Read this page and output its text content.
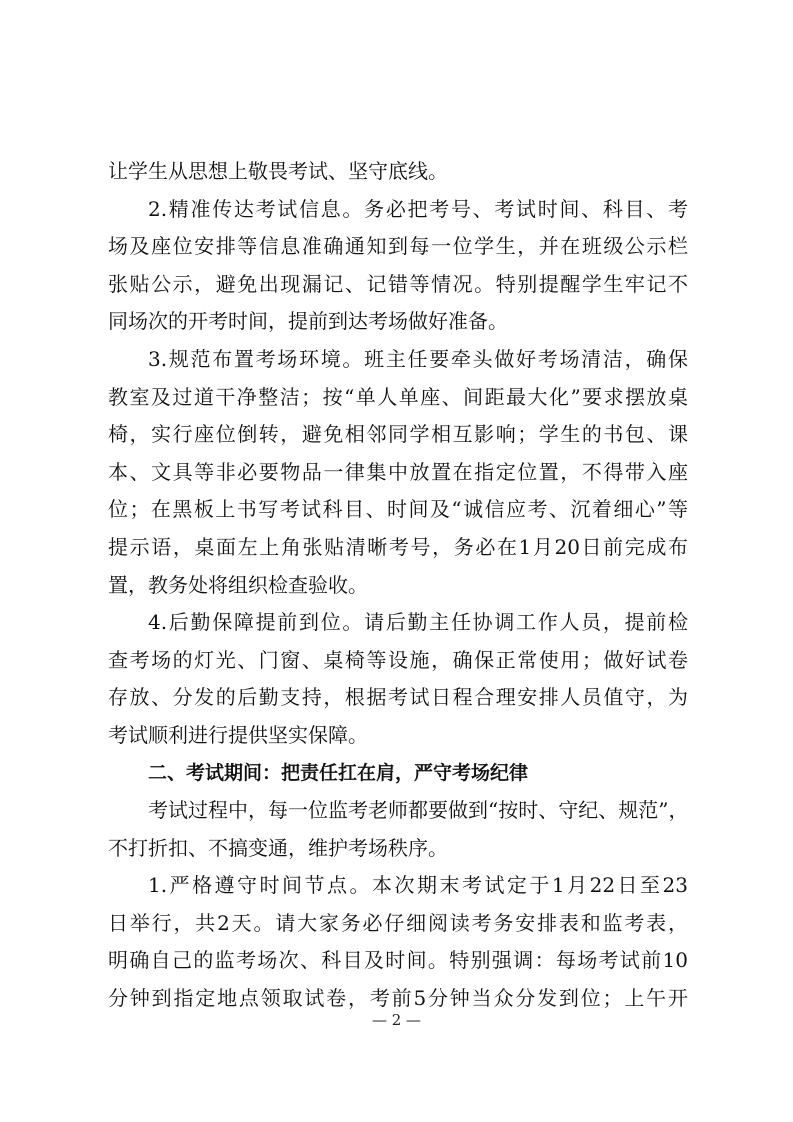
让学生从思想上敬畏考试、坚守底线。
2.精准传达考试信息。务必把考号、考试时间、科目、考
场及座位安排等信息准确通知到每一位学生，并在班级公示栏
张贴公示，避免出现漏记、记错等情况。特别提醒学生牢记不
同场次的开考时间，提前到达考场做好准备。
3.规范布置考场环境。班主任要牵头做好考场清洁，确保
教室及过道干净整洁；按“单人单座、间距最大化”要求摆放桌
椅，实行座位倒转，避免相邻同学相互影响；学生的书包、课
本、文具等非必要物品一律集中放置在指定位置，不得带入座
位；在黑板上书写考试科目、时间及“诚信应考、沉着细心”等
提示语，桌面左上角张贴清晰考号，务必在1月20日前完成布
置，教务处将组织检查验收。
4.后勤保障提前到位。请后勤主任协调工作人员，提前检
查考场的灯光、门窗、桌椅等设施，确保正常使用；做好试卷
存放、分发的后勤支持，根据考试日程合理安排人员值守，为
考试顺利进行提供坚实保障。
二、考试期间：把责任扛在肩，严守考场纪律
考试过程中，每一位监考老师都要做到“按时、守纪、规范”，
不打折扣、不搞变通，维护考场秩序。
1.严格遵守时间节点。本次期末考试定于1月22日至23
日举行，共2天。请大家务必仔细阅读考务安排表和监考表，
明确自己的监考场次、科目及时间。特别强调：每场考试前10
分钟到指定地点领取试卷，考前5分钟当众分发到位；上午开
— 2 —
